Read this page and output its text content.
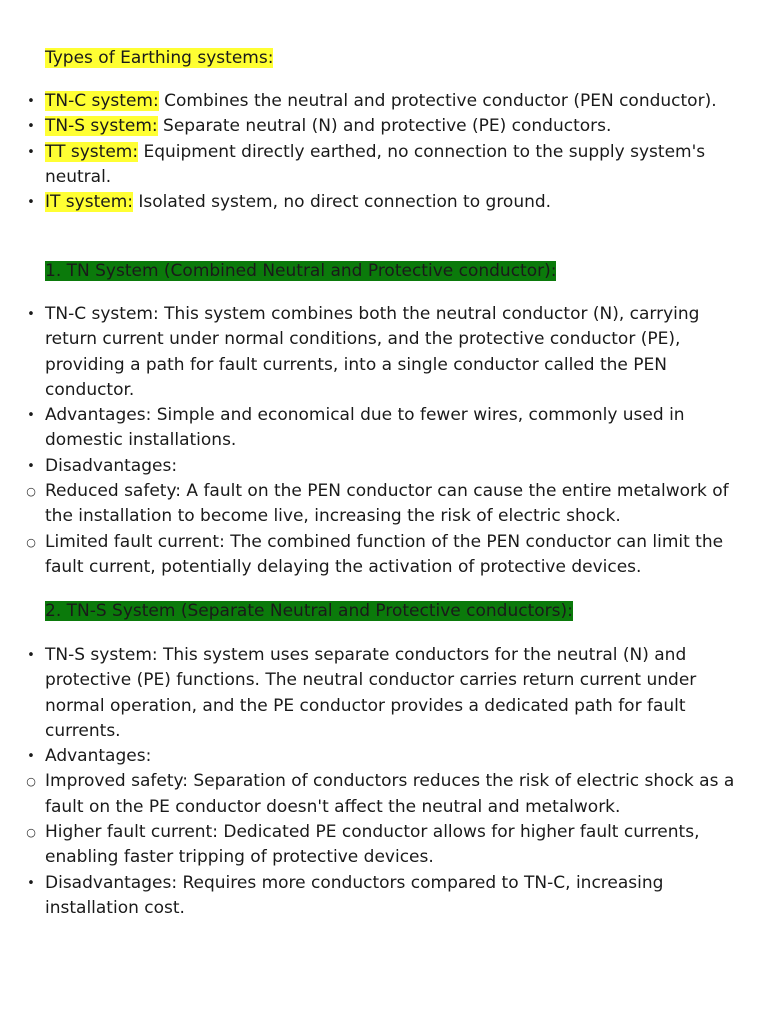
Types of Earthing systems:
• TN-C system: Combines the neutral and protective conductor (PEN conductor).
• TN-S system: Separate neutral (N) and protective (PE) conductors.
• TT system: Equipment directly earthed, no connection to the supply system's neutral.
• IT system: Isolated system, no direct connection to ground.
1. TN System (Combined Neutral and Protective conductor):
• TN-C system: This system combines both the neutral conductor (N), carrying return current under normal conditions, and the protective conductor (PE), providing a path for fault currents, into a single conductor called the PEN conductor.
• Advantages: Simple and economical due to fewer wires, commonly used in domestic installations.
• Disadvantages:
○ Reduced safety: A fault on the PEN conductor can cause the entire metalwork of the installation to become live, increasing the risk of electric shock.
○ Limited fault current: The combined function of the PEN conductor can limit the fault current, potentially delaying the activation of protective devices.
2. TN-S System (Separate Neutral and Protective conductors):
• TN-S system: This system uses separate conductors for the neutral (N) and protective (PE) functions. The neutral conductor carries return current under normal operation, and the PE conductor provides a dedicated path for fault currents.
• Advantages:
○ Improved safety: Separation of conductors reduces the risk of electric shock as a fault on the PE conductor doesn't affect the neutral and metalwork.
○ Higher fault current: Dedicated PE conductor allows for higher fault currents, enabling faster tripping of protective devices.
• Disadvantages: Requires more conductors compared to TN-C, increasing installation cost.
